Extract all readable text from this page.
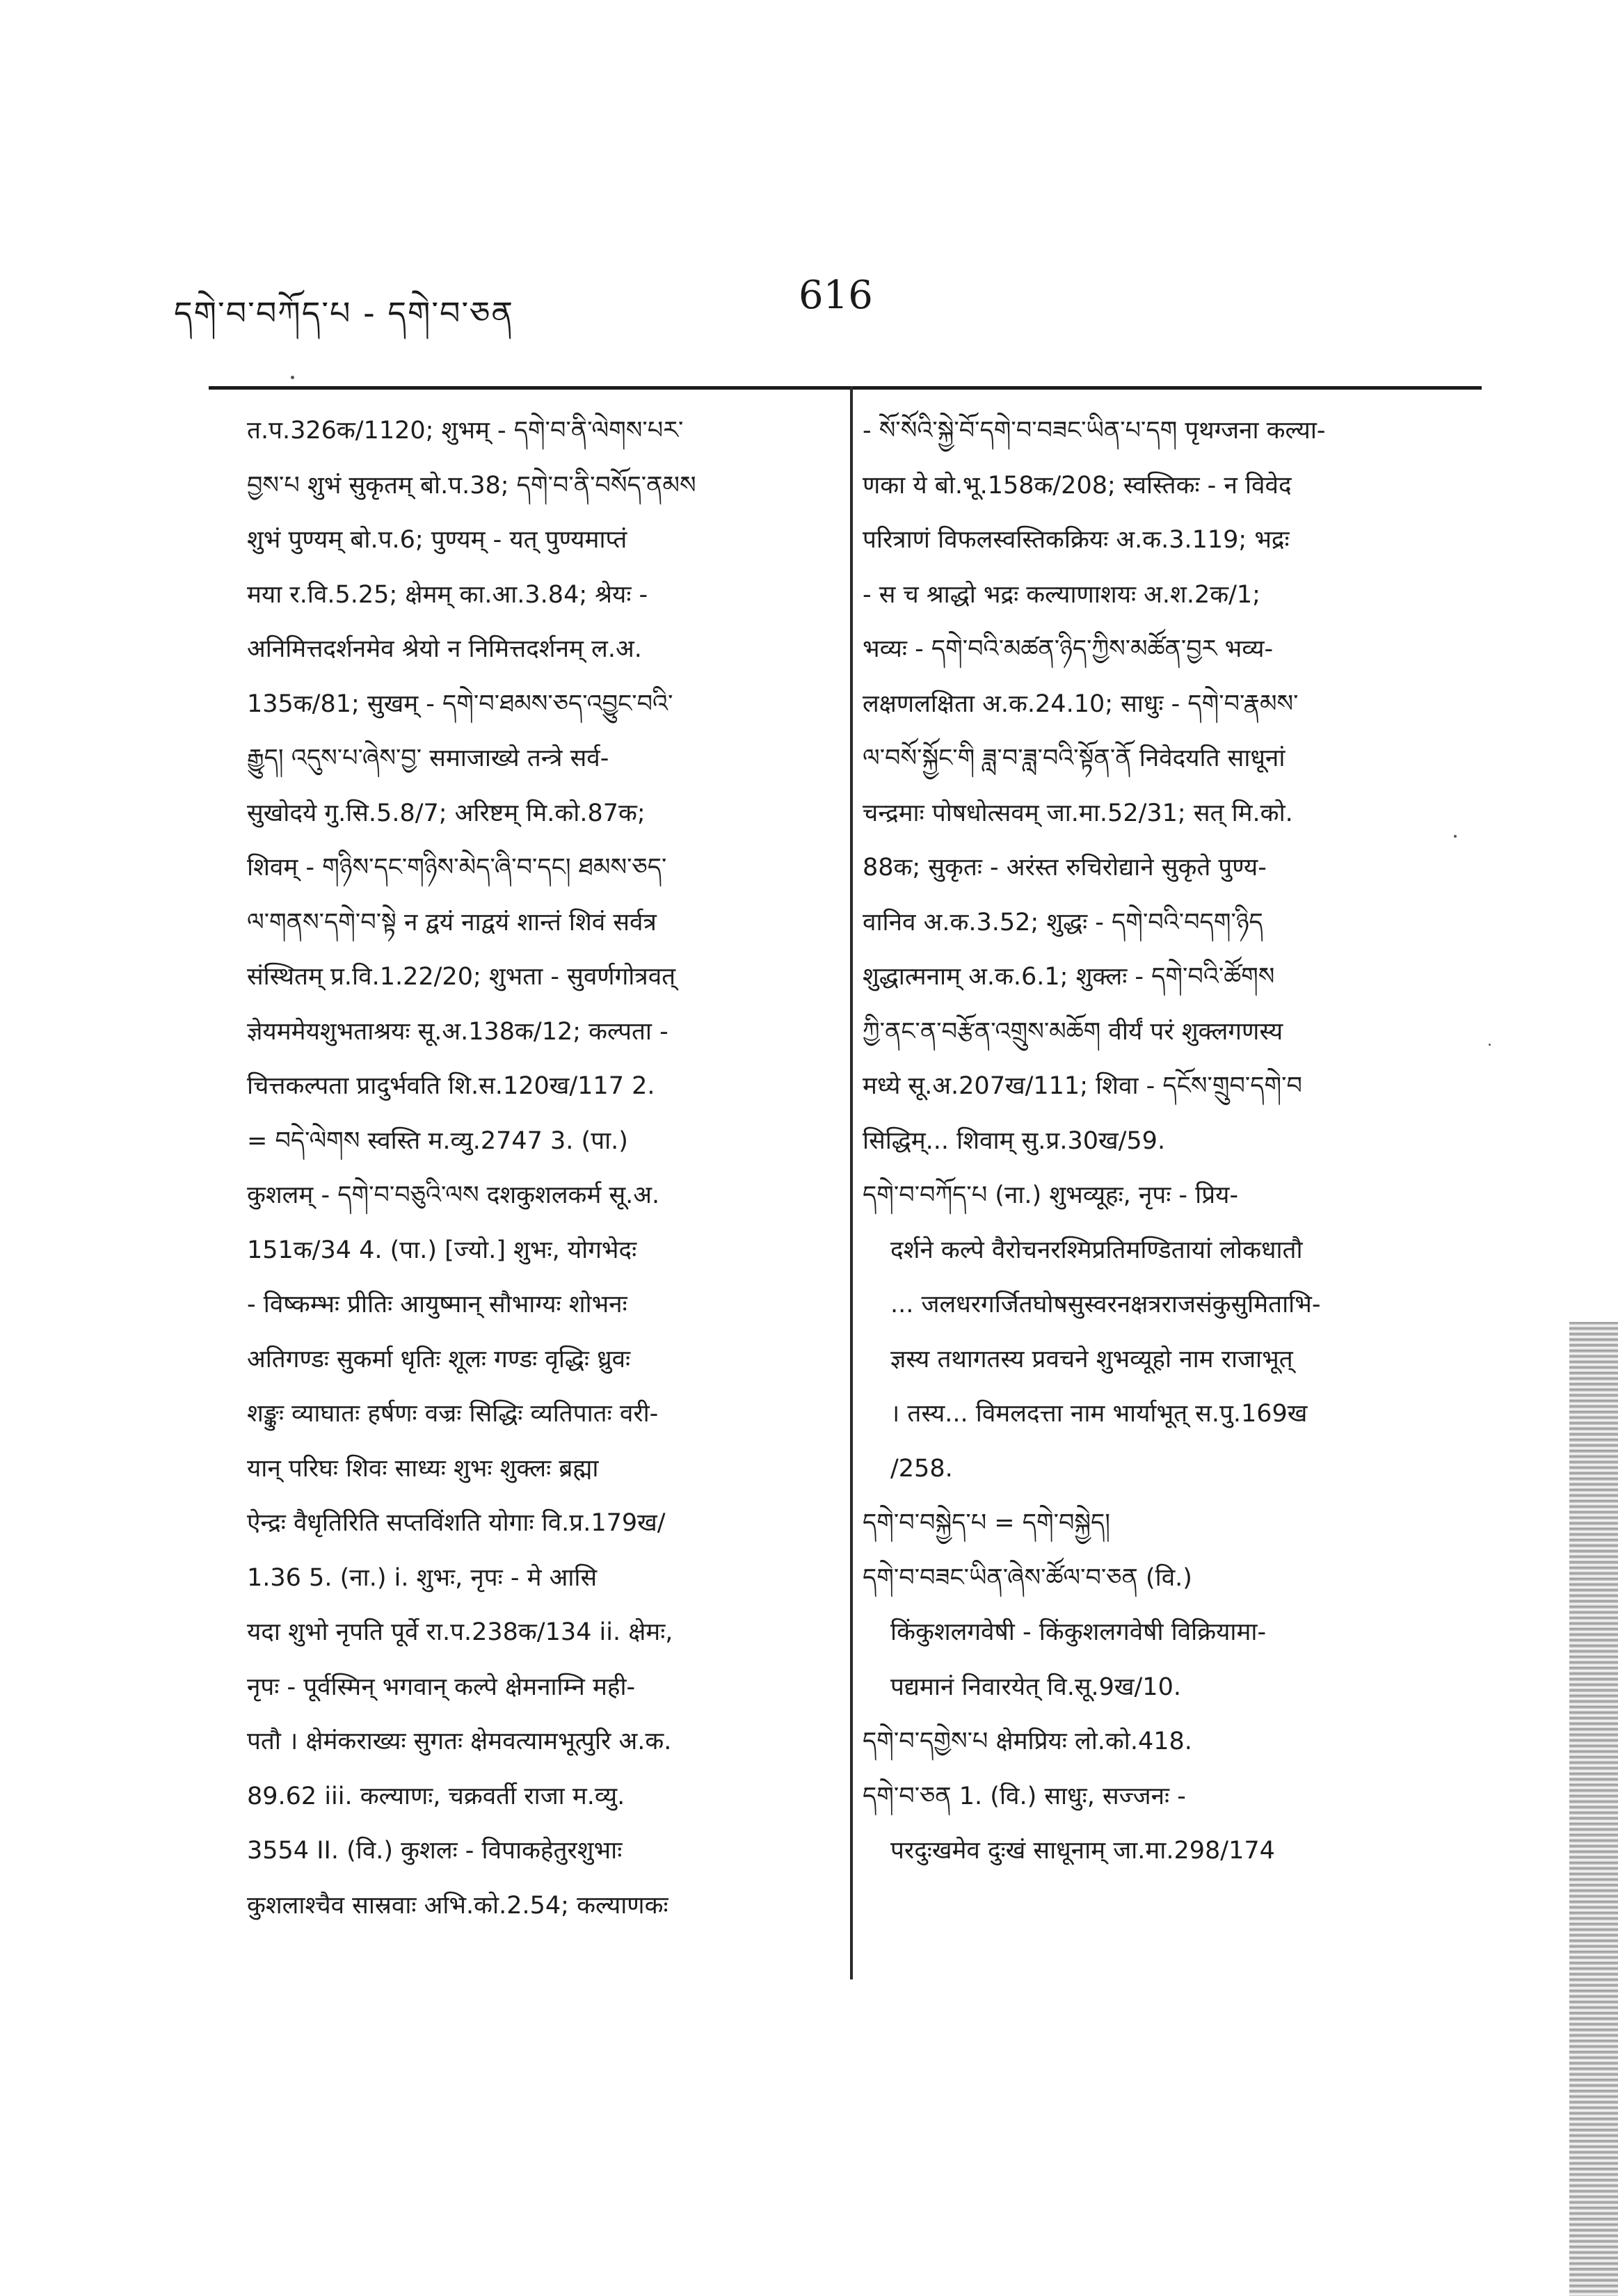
དགེ་བ་བཀོད་པ - དགེ་བ་ཅན	616
त.प.326क/1120; शुभम् - དགེ་བ་ནི་ལེགས་པར་
བྱས་པ शुभं सुकृतम् बो.प.38; དགེ་བ་ནི་བསོད་ནམས
शुभं पुण्यम् बो.प.6; पुण्यम् - यत् पुण्यमाप्तं
मया र.वि.5.25; क्षेमम् का.आ.3.84; श्रेयः -
अनिमित्तदर्शनमेव श्रेयो न निमित्तदर्शनम् ल.अ.
135क/81; सुखम् - དགེ་བ་ཐམས་ཅད་འབྱུང་བའི་
རྒྱུད། འདུས་པ་ཞེས་བྱ་ समाजाख्ये तन्त्रे सर्व-
सुखोदये गु.सि.5.8/7; अरिष्टम् मि.को.87क;
शिवम् - གཉིས་དང་གཉིས་མེད་ཞི་བ་དང། ཐམས་ཅད་
ལ་གནས་དགེ་བ་སྟེ न द्वयं नाद्वयं शान्तं शिवं सर्वत्र
संस्थितम् प्र.वि.1.22/20; शुभता - सुवर्णगोत्रवत्
ज्ञेयममेयशुभताश्रयः सू.अ.138क/12; कल्पता -
चित्तकल्पता प्रादुर्भवति शि.स.120ख/117 2.
= བདེ་ལེགས स्वस्ति म.व्यु.2747 3. (पा.)
कुशलम् - དགེ་བ་བཅུའི་ལས दशकुशलकर्म सू.अ.
151क/34 4. (पा.) [ज्यो.] शुभः, योगभेदः
- विष्कम्भः प्रीतिः आयुष्मान् सौभाग्यः शोभनः
अतिगण्डः सुकर्मा धृतिः शूलः गण्डः वृद्धिः ध्रुवः
शङ्कुः व्याघातः हर्षणः वज्रः सिद्धिः व्यतिपातः वरी-
यान् परिघः शिवः साध्यः शुभः शुक्लः ब्रह्मा
ऐन्द्रः वैधृतिरिति सप्तविंशति योगाः वि.प्र.179ख/
1.36 5. (ना.) i. शुभः, नृपः - मे आसि
यदा शुभो नृपति पूर्वे रा.प.238क/134 ii. क्षेमः,
नृपः - पूर्वस्मिन् भगवान् कल्पे क्षेमनाम्नि मही-
पतौ । क्षेमंकराख्यः सुगतः क्षेमवत्यामभूत्पुरि अ.क.
89.62 iii. कल्याणः, चक्रवर्ती राजा म.व्यु.
3554 II. (वि.) कुशलः - विपाकहेतुरशुभाः
कुशलाश्चैव सास्रवाः अभि.को.2.54; कल्याणकः
- སོ་སོའི་སྐྱེ་བོ་དགེ་བ་བཟང་ཡིན་པ་དག पृथग्जना कल्या-
णका ये बो.भू.158क/208; स्वस्तिकः - न विवेद
परित्राणं विफलस्वस्तिकक्रियः अ.क.3.119; भद्रः
- स च श्राद्धो भद्रः कल्याणाशयः अ.श.2क/1;
भव्यः - དགེ་བའི་མཚན་ཉིད་ཀྱིས་མཚོན་བྱར भव्य-
लक्षणलक्षिता अ.क.24.10; साधुः - དགེ་བ་རྣམས་
ལ་བསོ་སྐྱོང་གི ཟླ་བ་ཟླ་བའི་སྟོན་ནོ निवेदयति साधूनां
चन्द्रमाः पोषधोत्सवम् जा.मा.52/31; सत् मि.को.
88क; सुकृतः - अरंस्त रुचिरोद्याने सुकृते पुण्य-
वानिव अ.क.3.52; शुद्धः - དགེ་བའི་བདག་ཉིད
शुद्धात्मनाम् अ.क.6.1; शुक्लः - དགེ་བའི་ཚོགས
ཀྱི་ནང་ན་བརྩོན་འགྲུས་མཆོག वीर्यं परं शुक्लगणस्य
मध्ये सू.अ.207ख/111; शिवा - དངོས་གྲུབ་དགེ་བ
सिद्धिम्... शिवाम् सु.प्र.30ख/59.
དགེ་བ་བཀོད་པ (ना.) शुभव्यूहः, नृपः - प्रिय-
दर्शने कल्पे वैरोचनरश्मिप्रतिमण्डितायां लोकधातौ
... जलधरगर्जितघोषसुस्वरनक्षत्रराजसंकुसुमिताभि-
ज्ञस्य तथागतस्य प्रवचने शुभव्यूहो नाम राजाभूत्
। तस्य... विमलदत्ता नाम भार्याभूत् स.पु.169ख
/258.
དགེ་བ་བསྐྱེད་པ = དགེ་བསྐྱེད།
དགེ་བ་བཟང་ཡིན་ཞེས་ཚོལ་བ་ཅན (वि.)
किंकुशलगवेषी - किंकुशलगवेषी विक्रियामा-
पद्यमानं निवारयेत् वि.सू.9ख/10.
དགེ་བ་དགྱེས་པ क्षेमप्रियः लो.को.418.
དགེ་བ་ཅན 1. (वि.) साधुः, सज्जनः -
परदुःखमेव दुःखं साधूनाम् जा.मा.298/174
